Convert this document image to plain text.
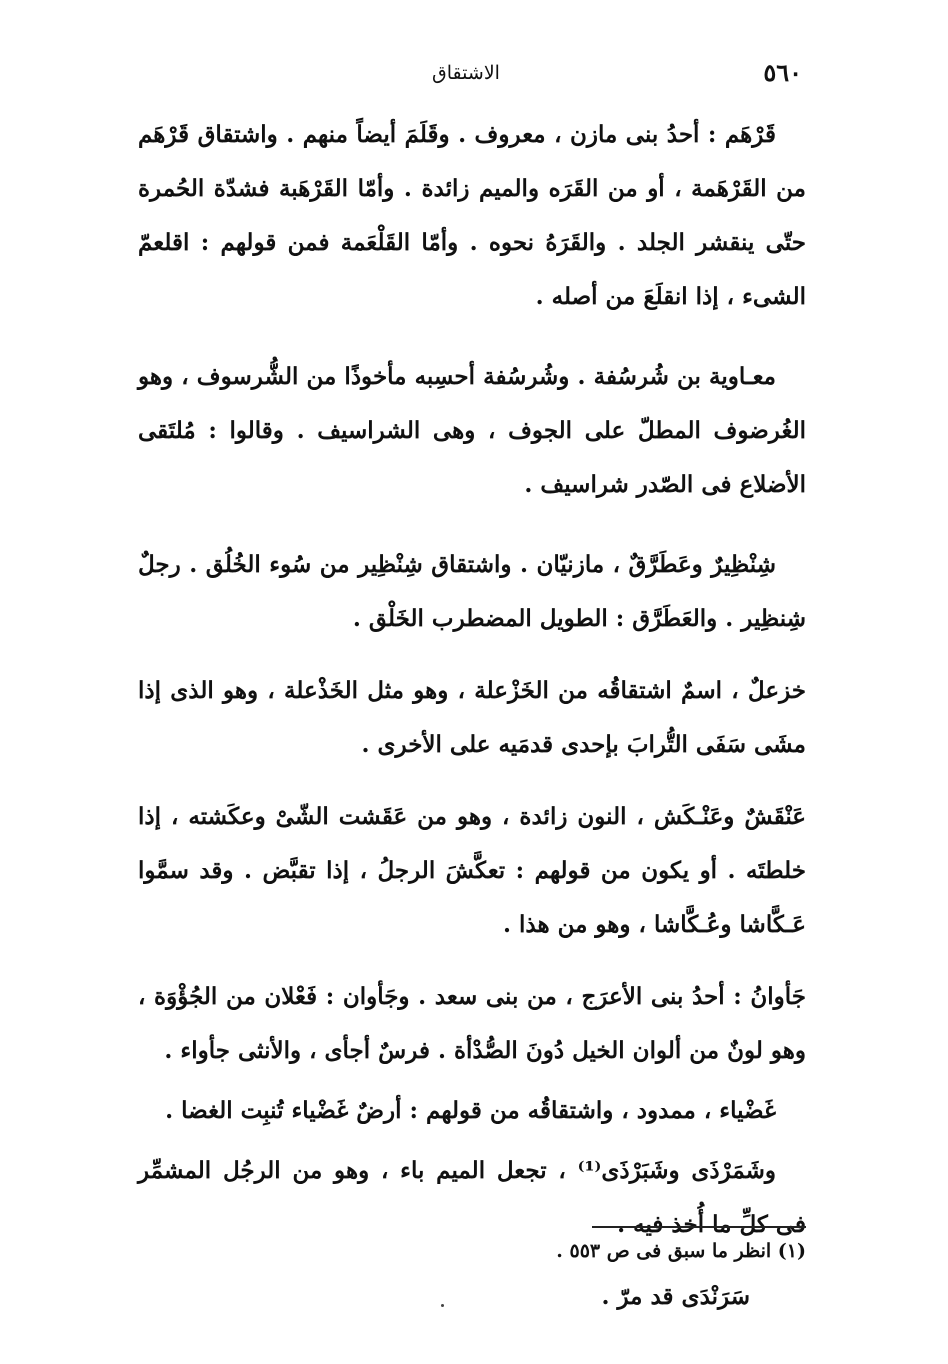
٥٦٠
الاشتقاق

قَرْهَم : أحدُ بنى مازن ، معروف . وقَلَمَ أيضاً منهم . واشتقاق قَرْهَم من القَرْهَمة ، أو من القَرَه والميم زائدة . وأمّا القَرْهَبة فشدّة الحُمرة حتّى ينقشر الجلد . والقَرَهُ نحوه . وأمّا القَلْعَمة فمن قولهم : اقلعمّ الشىء ، إذا انقلَعَ من أصله .

معـاوية بن شُرسُفة . وشُرسُفة أحسِبه مأخوذًا من الشُّرسوف ، وهو الغُرضوف المطلّ على الجوف ، وهى الشراسيف . وقالوا : مُلتَقى الأضلاع فى الصّدر شراسيف .

شِنْظِيرٌ وعَطَرَّقٌ ، مازنيّان . واشتقاق شِنْظِير من سُوء الخُلُق . رجلٌ شِنظِير . والعَطَرَّق : الطويل المضطرب الخَلْق .

خزعلٌ ، اسمٌ اشتقاقُه من الخَزْعلة ، وهو مثل الخَذْعلة ، وهو الذى إذا مشَى سَفَى التُّرابَ بإحدى قدمَيه على الأخرى .

عَنْقَشٌ وعَنْـكَش ، النون زائدة ، وهو من عَقَشت الشّىْ وعكَشته ، إذا خلطتَه . أو يكون من قولهم : تعكَّشَ الرجلُ ، إذا تقبَّض . وقد سمَّوا عَـكَّاشا وعُـكَّاشا ، وهو من هذا .

جَأوانُ : أحدُ بنى الأعرَج ، من بنى سعد . وجَأوان : فَعْلان من الجُؤْوَة ، وهو لونٌ من ألوان الخيل دُونَ الصُّدْأة . فرسٌ أجأى ، والأنثى جأواء .

غَضْياء ، ممدود ، واشتقاقُه من قولهم : أرضٌ غَضْياء تُنبِت الغضا .

وشَمَرْذَى وشَبَرْذَى⁽¹⁾ ، تجعل الميم باء ، وهو من الرجُل المشمِّر فى كلِّ ما أُخذ فيه .

سَرَنْدَى قد مرّ .

(١) انظر ما سبق فى ص ٥٥٣ .
